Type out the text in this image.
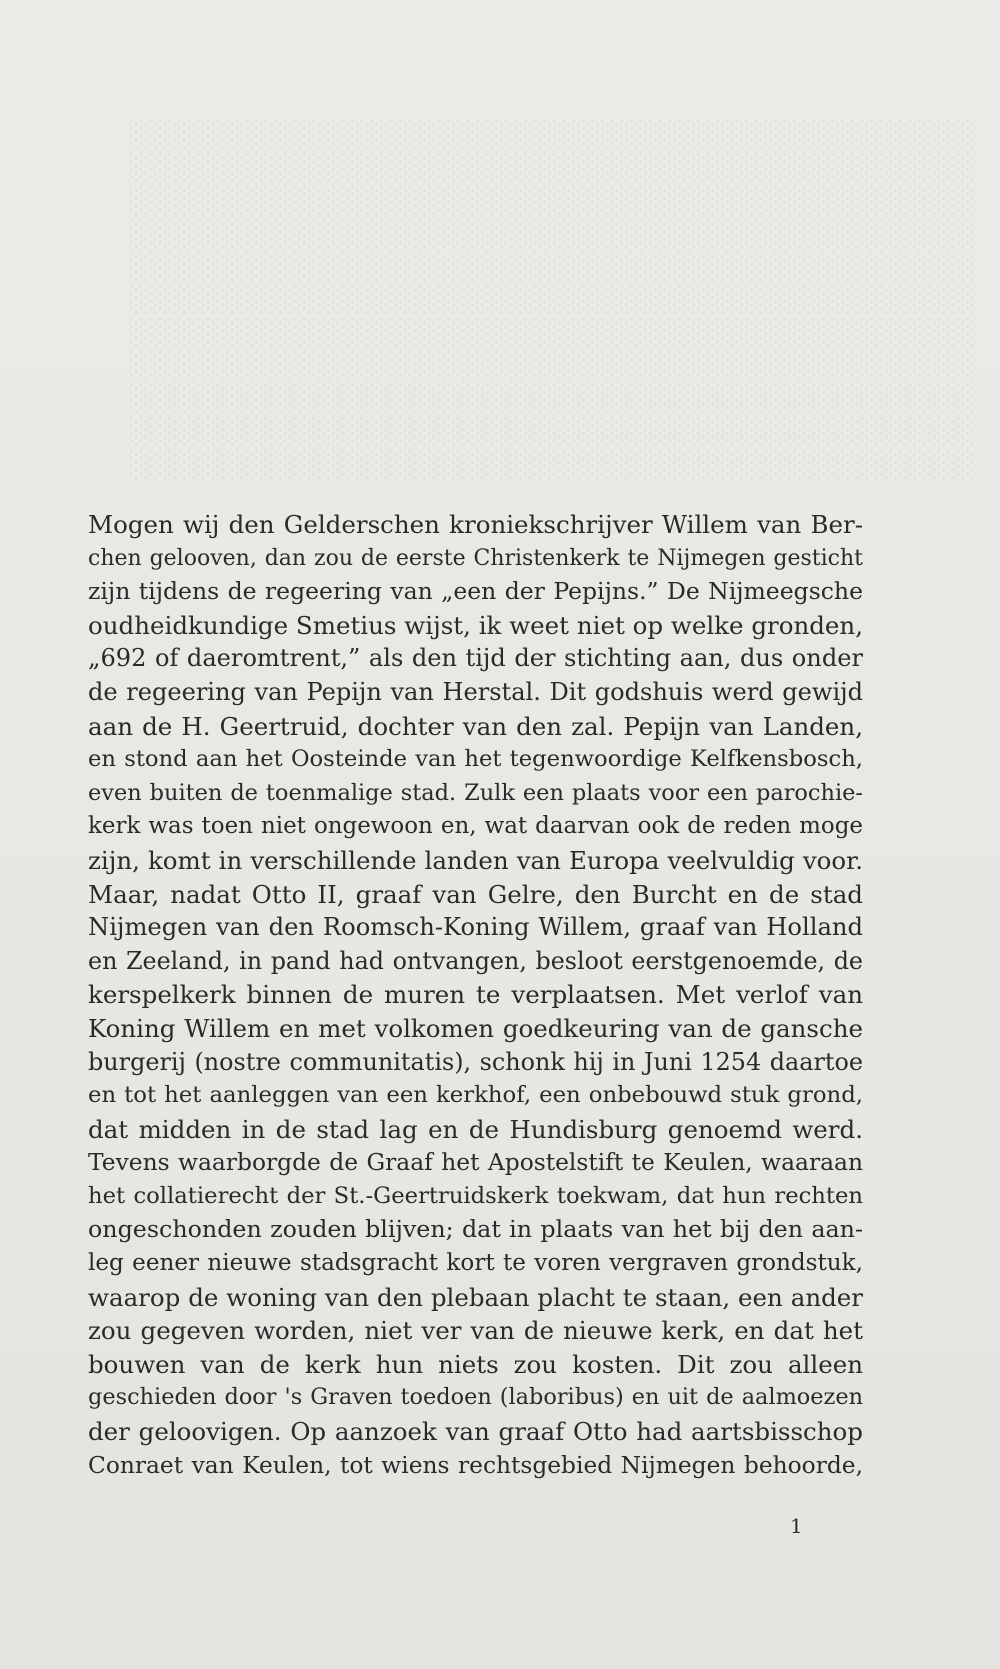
Mogen wij den Gelderschen kroniekschrijver Willem van Ber-
chen gelooven, dan zou de eerste Christenkerk te Nijmegen gesticht
zijn tijdens de regeering van „een der Pepijns.” De Nijmeegsche
oudheidkundige Smetius wijst, ik weet niet op welke gronden,
„692 of daeromtrent,” als den tijd der stichting aan, dus onder
de regeering van Pepijn van Herstal. Dit godshuis werd gewijd
aan de H. Geertruid, dochter van den zal. Pepijn van Landen,
en stond aan het Oosteinde van het tegenwoordige Kelfkensbosch,
even buiten de toenmalige stad. Zulk een plaats voor een parochie-
kerk was toen niet ongewoon en, wat daarvan ook de reden moge
zijn, komt in verschillende landen van Europa veelvuldig voor.
Maar, nadat Otto II, graaf van Gelre, den Burcht en de stad
Nijmegen van den Roomsch-Koning Willem, graaf van Holland
en Zeeland, in pand had ontvangen, besloot eerstgenoemde, de
kerspelkerk binnen de muren te verplaatsen. Met verlof van
Koning Willem en met volkomen goedkeuring van de gansche
burgerij (nostre communitatis), schonk hij in Juni 1254 daartoe
en tot het aanleggen van een kerkhof, een onbebouwd stuk grond,
dat midden in de stad lag en de Hundisburg genoemd werd.
Tevens waarborgde de Graaf het Apostelstift te Keulen, waaraan
het collatierecht der St.-Geertruidskerk toekwam, dat hun rechten
ongeschonden zouden blijven; dat in plaats van het bij den aan-
leg eener nieuwe stadsgracht kort te voren vergraven grondstuk,
waarop de woning van den plebaan placht te staan, een ander
zou gegeven worden, niet ver van de nieuwe kerk, en dat het
bouwen van de kerk hun niets zou kosten. Dit zou alleen
geschieden door 's Graven toedoen (laboribus) en uit de aalmoezen
der geloovigen. Op aanzoek van graaf Otto had aartsbisschop
Conraet van Keulen, tot wiens rechtsgebied Nijmegen behoorde,
1
